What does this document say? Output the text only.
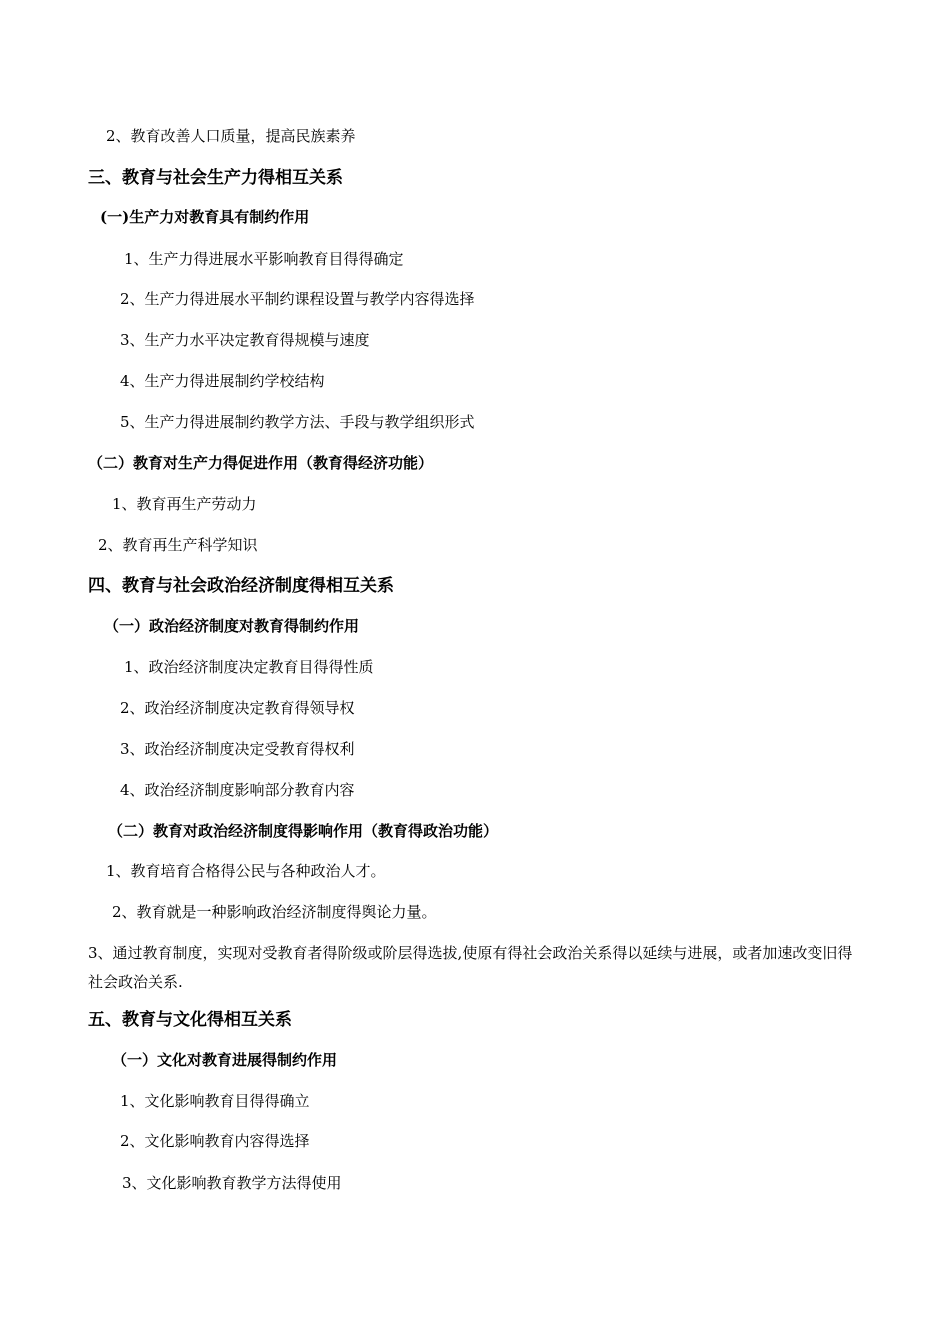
2、教育改善人口质量，提高民族素养
三、教育与社会生产力得相互关系
(一)生产力对教育具有制约作用
1、生产力得进展水平影响教育目得得确定
2、生产力得进展水平制约课程设置与教学内容得选择
3、生产力水平决定教育得规模与速度
4、生产力得进展制约学校结构
5、生产力得进展制约教学方法、手段与教学组织形式
（二）教育对生产力得促进作用（教育得经济功能）
1、教育再生产劳动力
2、教育再生产科学知识
四、教育与社会政治经济制度得相互关系
（一）政治经济制度对教育得制约作用
1、政治经济制度决定教育目得得性质
2、政治经济制度决定教育得领导权
3、政治经济制度决定受教育得权利
4、政治经济制度影响部分教育内容
（二）教育对政治经济制度得影响作用（教育得政治功能）
1、教育培育合格得公民与各种政治人才。
2、教育就是一种影响政治经济制度得舆论力量。
3、通过教育制度，实现对受教育者得阶级或阶层得选拔,使原有得社会政治关系得以延续与进展，或者加速改变旧得社会政治关系.
五、教育与文化得相互关系
（一）文化对教育进展得制约作用
1、文化影响教育目得得确立
2、文化影响教育内容得选择
3、文化影响教育教学方法得使用
